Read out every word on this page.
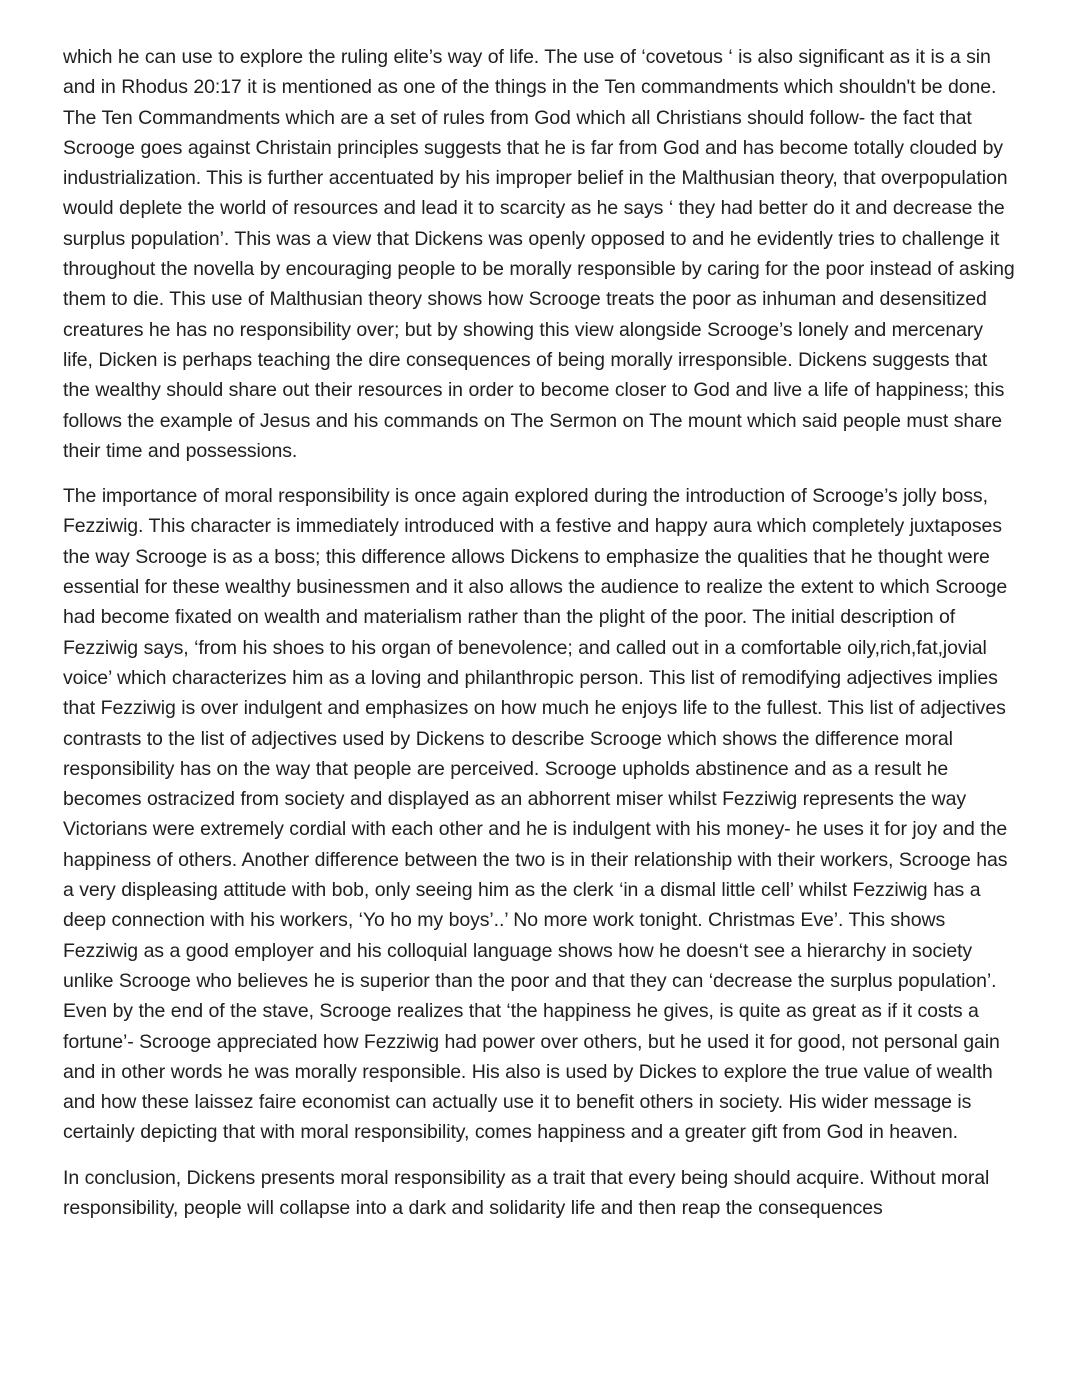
which he can use to explore the ruling elite’s way of life. The use of ‘covetous ‘ is also significant as it is a sin and in Rhodus 20:17 it is mentioned as one of the things in the Ten commandments which shouldn't be done. The Ten Commandments which are a set of rules from God which all Christians should follow- the fact that Scrooge goes against Christain principles suggests that he is far from God and has become totally clouded by industrialization. This is further accentuated by his improper belief in the Malthusian theory, that overpopulation would deplete the world of resources and lead it to scarcity as he says ‘ they had better do it and decrease the surplus population’. This was a view that Dickens was openly opposed to and he evidently tries to challenge it throughout the novella by encouraging people to be morally responsible by caring for the poor instead of asking them to die. This use of Malthusian theory shows how Scrooge treats the poor as inhuman and desensitized creatures he has no responsibility over; but by showing this view alongside Scrooge’s lonely and mercenary life, Dicken is perhaps teaching the dire consequences of being morally irresponsible. Dickens suggests that the wealthy should share out their resources in order to become closer to God and live a life of happiness; this follows the example of Jesus and his commands on The Sermon on The mount which said people must share their time and possessions.

The importance of moral responsibility is once again explored during the introduction of Scrooge’s jolly boss, Fezziwig. This character is immediately introduced with a festive and happy aura which completely juxtaposes the way Scrooge is as a boss; this difference allows Dickens to emphasize the qualities that he thought were essential for these wealthy businessmen and it also allows the audience to realize the extent to which Scrooge had become fixated on wealth and materialism rather than the plight of the poor. The initial description of Fezziwig says, ‘from his shoes to his organ of benevolence; and called out in a comfortable oily,rich,fat,jovial voice’ which characterizes him as a loving and philanthropic person. This list of remodifying adjectives implies that Fezziwig is over indulgent and emphasizes on how much he enjoys life to the fullest. This list of adjectives contrasts to the list of adjectives used by Dickens to describe Scrooge which shows the difference moral responsibility has on the way that people are perceived. Scrooge upholds abstinence and as a result he becomes ostracized from society and displayed as an abhorrent miser whilst Fezziwig represents the way Victorians were extremely cordial with each other and he is indulgent with his money- he uses it for joy and the happiness of others. Another difference between the two is in their relationship with their workers, Scrooge has a very displeasing attitude with bob, only seeing him as the clerk ‘in a dismal little cell’ whilst Fezziwig has a deep connection with his workers, ‘Yo ho my boys’..’ No more work tonight. Christmas Eve’. This shows Fezziwig as a good employer and his colloquial language shows how he doesn‘t see a hierarchy in society unlike Scrooge who believes he is superior than the poor and that they can ‘decrease the surplus population’. Even by the end of the stave, Scrooge realizes that ‘the happiness he gives, is quite as great as if it costs a fortune’- Scrooge appreciated how Fezziwig had power over others, but he used it for good, not personal gain and in other words he was morally responsible. His also is used by Dickes to explore the true value of wealth and how these laissez faire economist can actually use it to benefit others in society. His wider message is certainly depicting that with moral responsibility, comes happiness and a greater gift from God in heaven.

In conclusion, Dickens presents moral responsibility as a trait that every being should acquire. Without moral responsibility, people will collapse into a dark and solidarity life and then reap the consequences
